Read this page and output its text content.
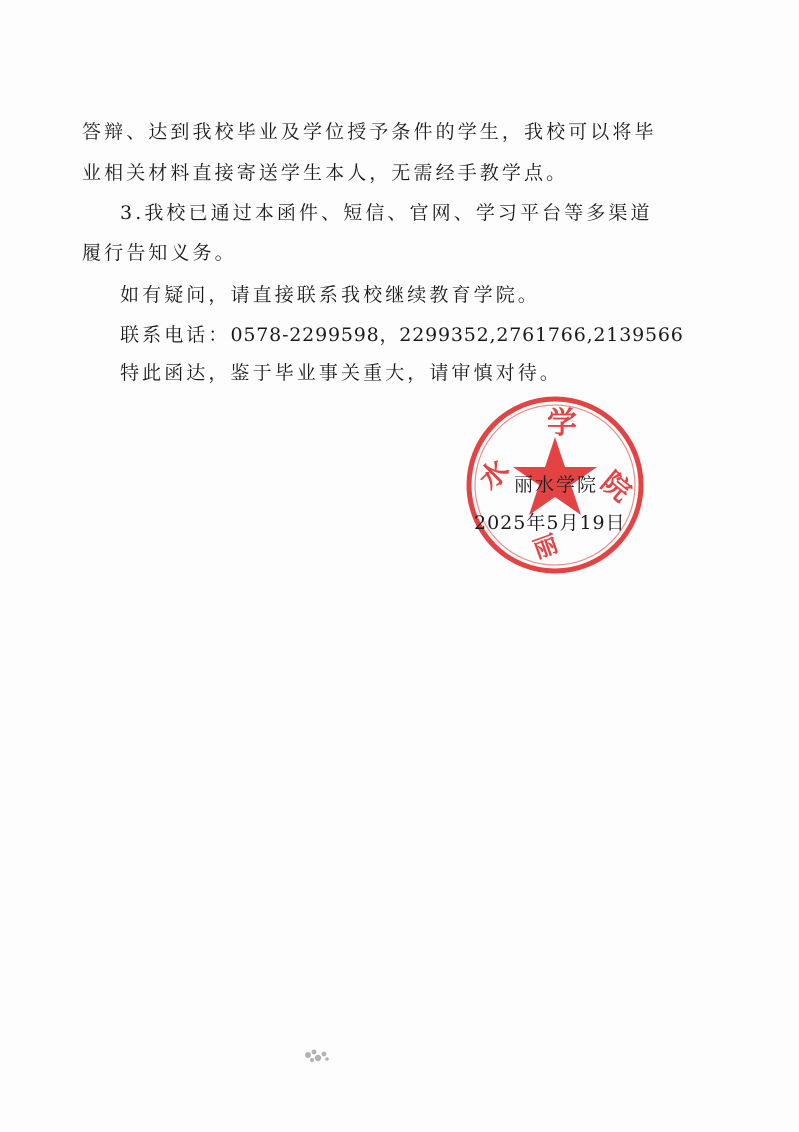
答辩、达到我校毕业及学位授予条件的学生，我校可以将毕
业相关材料直接寄送学生本人，无需经手教学点。
3.我校已通过本函件、短信、官网、学习平台等多渠道
履行告知义务。
如有疑问，请直接联系我校继续教育学院。
联系电话：0578-2299598，2299352,2761766,2139566
特此函达，鉴于毕业事关重大，请审慎对待。
学
院
水
丽
丽水学院
2025年5月19日
